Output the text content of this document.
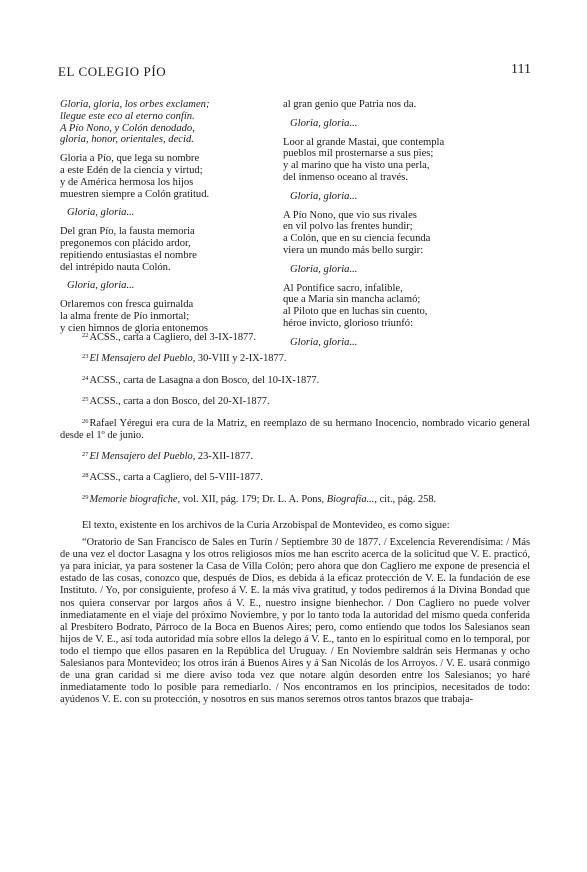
EL COLEGIO PÍO	111
Gloria, gloria, los orbes exclamen;
llegue este eco al eterno confín.
A Pío Nono, y Colón denodado,
gloria, honor, orientales, decid.
Gloria a Pío, que lega su nombre
a este Edén de la ciencia y virtud;
y de América hermosa los hijos
muestren siempre a Colón gratitud.
Gloria, gloria...
Del gran Pío, la fausta memoria
pregonemos con plácido ardor,
repitiendo entusiastas el nombre
del intrépido nauta Colón.
Gloria, gloria...
Orlaremos con fresca guirnalda
la alma frente de Pío inmortal;
y cien himnos de gloria entonemos
al gran genio que Patria nos da.
Gloria, gloria...
Loor al grande Mastai, que contempla
pueblos mil prosternarse a sus pies;
y al marino que ha visto una perla,
del inmenso oceano al través.
Gloria, gloria...
A Pío Nono, que vio sus rivales
en vil polvo las frentes hundir;
a Colón, que en su ciencia fecunda
viera un mundo más bello surgir:
Gloria, gloria...
Al Pontífice sacro, infalible,
que a María sin mancha aclamó;
al Piloto que en luchas sin cuento,
héroe invicto, glorioso triunfó:
Gloria, gloria...

$^{22}$ACSS., carta a Cagliero, del 3-IX-1877.

$^{23}$El Mensajero del Pueblo, 30-VIII y 2-IX-1877.

$^{24}$ACSS., carta de Lasagna a don Bosco, del 10-IX-1877.

$^{25}$ACSS., carta a don Bosco, del 20-XI-1877.

$^{26}$Rafael Yéregui era cura de la Matriz, en reemplazo de su hermano Inocencio, nombrado vicario general desde el 1º de junio.

$^{27}$El Mensajero del Pueblo, 23-XII-1877.

$^{28}$ACSS., carta a Cagliero, del 5-VIII-1877.

$^{29}$Memorie biografiche, vol. XII, pág. 179; Dr. L. A. Pons, Biografía..., cit., pág. 258.

El texto, existente en los archivos de la Curia Arzobispal de Montevideo, es como sigue:

“Oratorio de San Francisco de Sales en Turín / Septiembre 30 de 1877. / Excelencia Reverendísima: / Más de una vez el doctor Lasagna y los otros religiosos míos me han escrito acerca de la solicitud que V. E. practicó, ya para iniciar, ya para sostener la Casa de Villa Colón; pero ahora que don Cagliero me expone de presencia el estado de las cosas, conozco que, después de Dios, es debida á la eficaz protección de V. E. la fundación de ese Instituto. / Yo, por consiguiente, profeso á V. E. la más viva gratitud, y todos pediremos á la Divina Bondad que nos quiera conservar por largos años á V. E., nuestro insigne bienhechor. / Don Cagliero no puede volver inmediatamente en el viaje del próximo Noviembre, y por lo tanto toda la autoridad del mismo queda conferida al Presbítero Bodrato, Párroco de la Boca en Buenos Aires; pero, como entiendo que todos los Salesianos sean hijos de V. E., así toda autoridad mía sobre ellos la delego á V. E., tanto en lo espiritual como en lo temporal, por todo el tiempo que ellos pasaren en la República del Uruguay. / En Noviembre saldrán seis Hermanas y ocho Salesianos para Montevideo; los otros irán á Buenos Aires y á San Nicolás de los Arroyos. / V. E. usará conmigo de una gran caridad si me diere aviso toda vez que notare algún desorden entre los Salesianos; yo haré inmediatamente todo lo posible para remediarlo. / Nos encontramos en los principios, necesitados de todo: ayúdenos V. E. con su protección, y nosotros en sus manos seremos otros tantos brazos que trabaja-
